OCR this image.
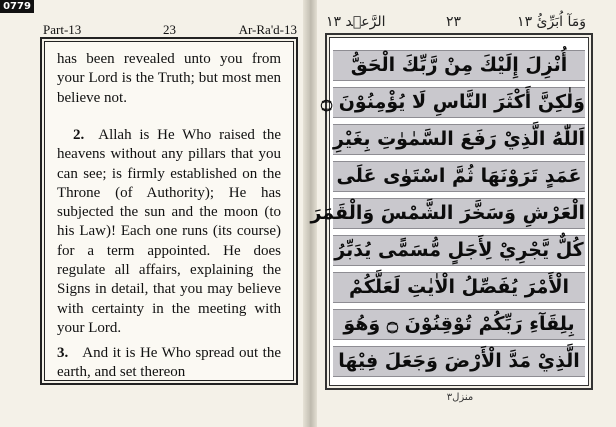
0779
Part-13	23	Ar-Ra'd-13
has been revealed unto you from your Lord is the Truth; but most men believe not.
2. Allah is He Who raised the heavens without any pillars that you can see; is firmly established on the Throne (of Authority); He has subjected the sun and the moon (to his Law)! Each one runs (its course) for a term appointed. He does regulate all affairs, explaining the Signs in detail, that you may believe with certainty in the meeting with your Lord.
3. And it is He Who spread out the earth, and set thereon
وَمَآ اُبَرِّئُ ١٣
٢٣
الرَّعۡد ١٣
أُنْزِلَ إِلَيْكَ مِنْ رَّبِّكَ الْحَقُّ
وَلٰكِنَّ أَكْثَرَ النَّاسِ لَا يُؤْمِنُوْنَ ۝
اَللّٰهُ الَّذِيْ رَفَعَ السَّمٰوٰتِ بِغَيْرِ
عَمَدٍ تَرَوْنَهَا ثُمَّ اسْتَوٰى عَلَى
الْعَرْشِ وَسَخَّرَ الشَّمْسَ وَالْقَمَرَ
كُلٌّ يَّجْرِيْ لِأَجَلٍ مُّسَمًّى يُدَبِّرُ
الْأَمْرَ يُفَصِّلُ الْاٰيٰتِ لَعَلَّكُمْ
بِلِقَآءِ رَبِّكُمْ تُوْقِنُوْنَ ۝ وَهُوَ
الَّذِيْ مَدَّ الْأَرْضَ وَجَعَلَ فِيْهَا
منزل٣
